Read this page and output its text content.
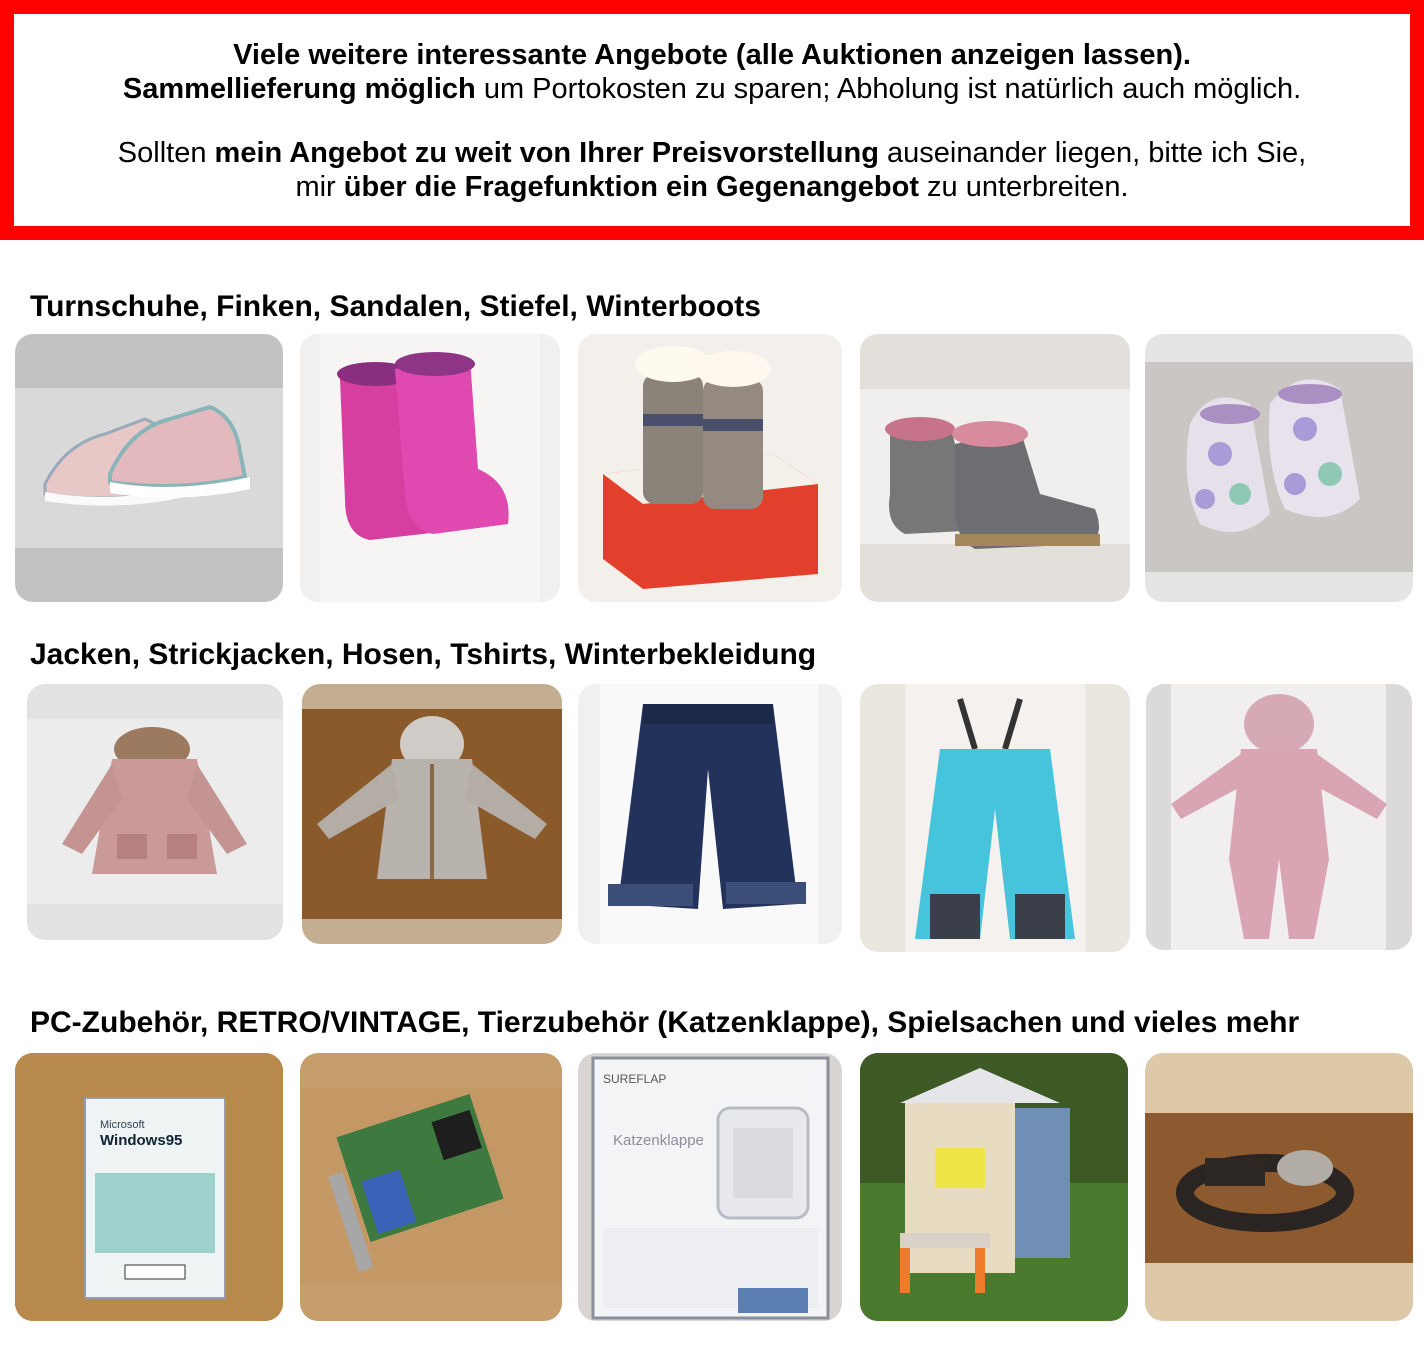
Viele weitere interessante Angebote (alle Auktionen anzeigen lassen).

Sammellieferung möglich um Portokosten zu sparen; Abholung ist natürlich auch möglich.

Sollten mein Angebot zu weit von Ihrer Preisvorstellung auseinander liegen, bitte ich Sie,

mir über die Fragefunktion ein Gegenangebot zu unterbreiten.

Turnschuhe, Finken, Sandalen, Stiefel, Winterboots
Jacken, Strickjacken, Hosen, Tshirts, Winterbekleidung
PC-Zubehör, RETRO/VINTAGE, Tierzubehör (Katzenklappe), Spielsachen und vieles mehr
Microsoft
Windows95
SUREFLAP
Katzenklappe
